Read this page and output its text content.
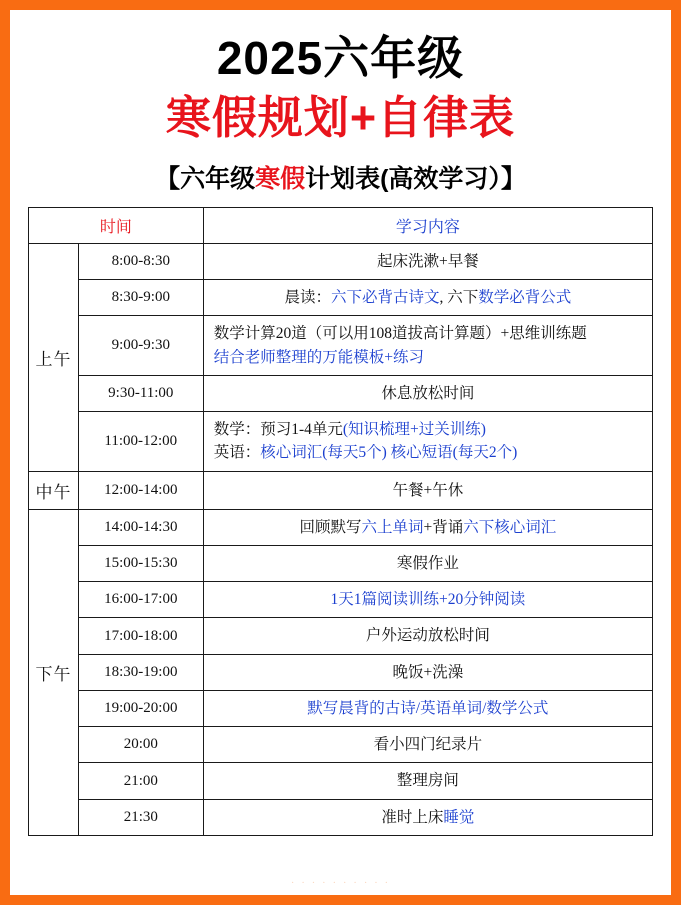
2025六年级
寒假规划+自律表
【六年级寒假计划表(高效学习）】
时间		学习内容
上午	8:00-8:30	起床洗漱+早餐
	8:30-9:00	晨读：六下必背古诗文, 六下数学必背公式
	9:00-9:30	数学计算20道（可以用108道拔高计算题）+思维训练题
结合老师整理的万能模板+练习

	9:30-11:00	休息放松时间
	11:00-12:00	数学：预习1-4单元(知识梳理+过关训练)
英语：核心词汇(每天5个) 核心短语(每天2个)

中午	12:00-14:00	午餐+午休
下午	14:00-14:30	回顾默写六上单词+背诵六下核心词汇
	15:00-15:30	寒假作业
	16:00-17:00	1天1篇阅读训练+20分钟阅读
	17:00-18:00	户外运动放松时间
	18:30-19:00	晚饭+洗澡
	19:00-20:00	默写晨背的古诗/英语单词/数学公式
	20:00	看小四门纪录片
	21:00	整理房间
	21:30	准时上床睡觉
· · · · · · · · · ·
